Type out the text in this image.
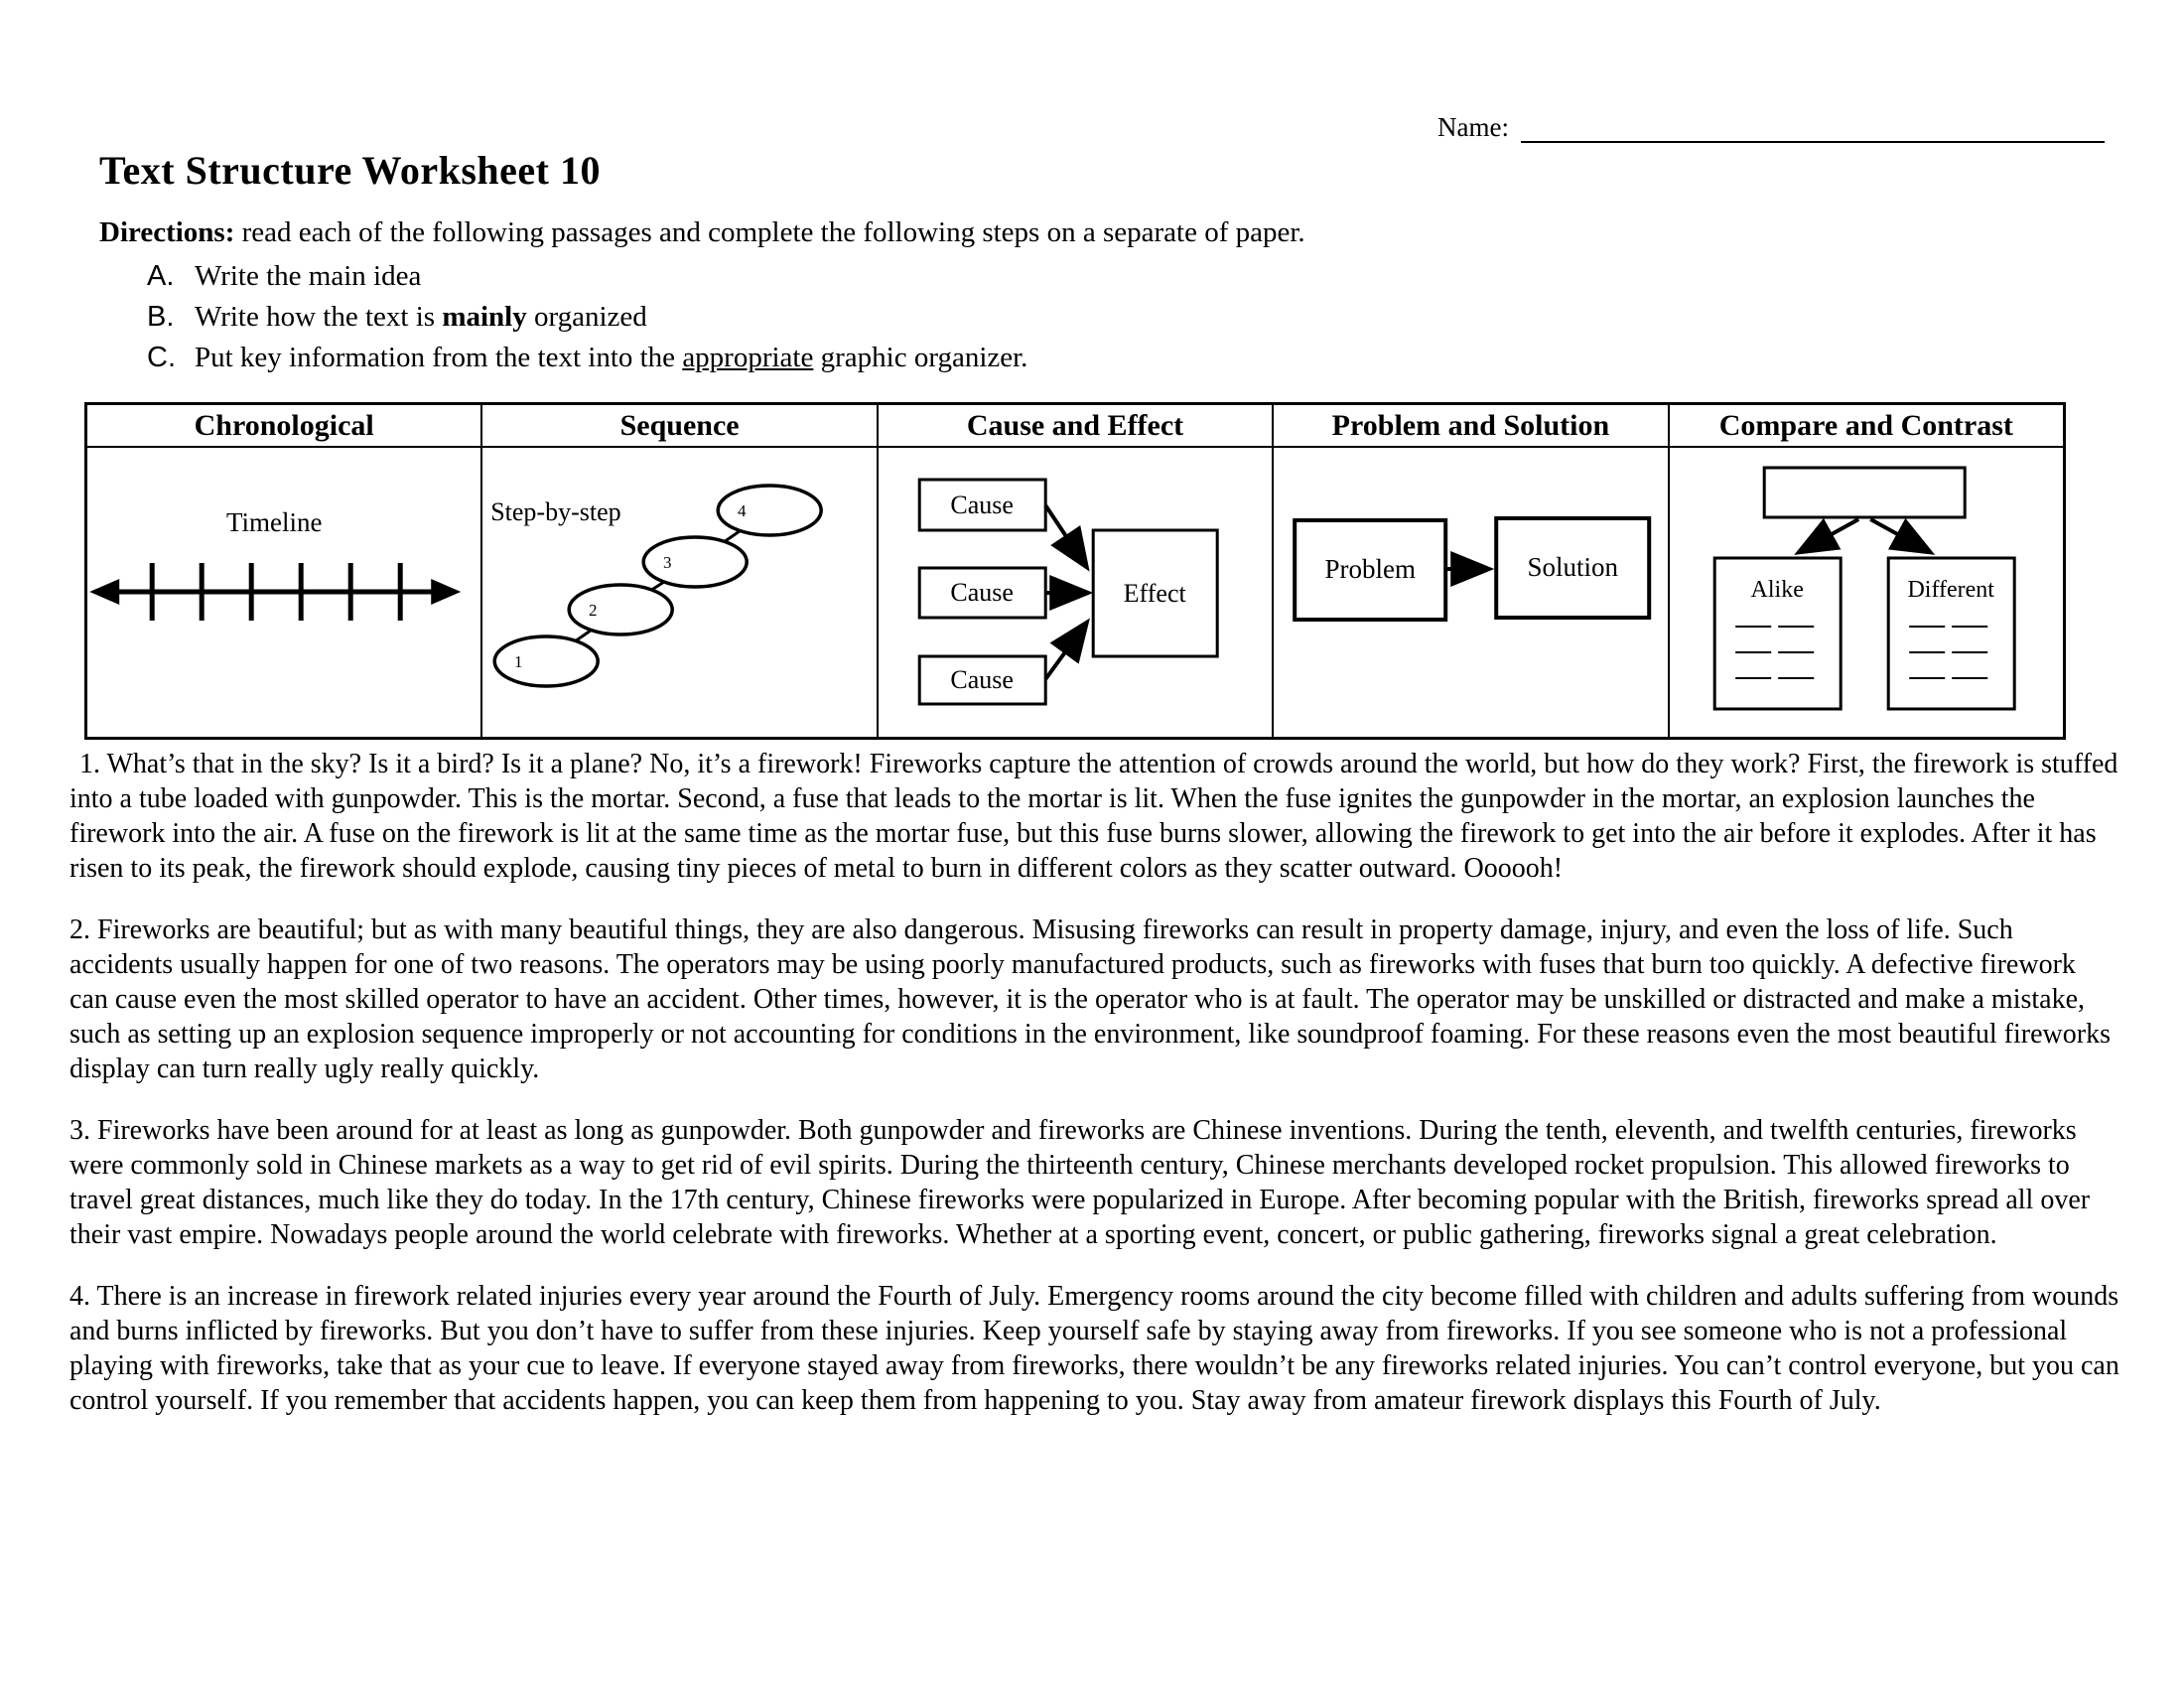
Name:
Text Structure Worksheet 10
Directions: read each of the following passages and complete the following steps on a separate of paper.
A. Write the main idea
B. Write how the text is mainly organized
C. Put key information from the text into the appropriate graphic organizer.
Chronological
Timeline
Sequence
Step-by-step
1
2
3
4
Cause and Effect
Cause
Cause
Cause
Effect
Problem and Solution
Problem	Solution
Compare and Contrast
Alike	Different

1. What’s that in the sky? Is it a bird? Is it a plane? No, it’s a firework! Fireworks capture the attention of crowds around the world, but how do they work? First, the firework is stuffed into a tube loaded with gunpowder. This is the mortar. Second, a fuse that leads to the mortar is lit. When the fuse ignites the gunpowder in the mortar, an explosion launches the firework into the air. A fuse on the firework is lit at the same time as the mortar fuse, but this fuse burns slower, allowing the firework to get into the air before it explodes. After it has risen to its peak, the firework should explode, causing tiny pieces of metal to burn in different colors as they scatter outward. Oooooh!

2. Fireworks are beautiful; but as with many beautiful things, they are also dangerous. Misusing fireworks can result in property damage, injury, and even the loss of life. Such accidents usually happen for one of two reasons. The operators may be using poorly manufactured products, such as fireworks with fuses that burn too quickly. A defective firework can cause even the most skilled operator to have an accident. Other times, however, it is the operator who is at fault. The operator may be unskilled or distracted and make a mistake, such as setting up an explosion sequence improperly or not accounting for conditions in the environment, like soundproof foaming. For these reasons even the most beautiful fireworks display can turn really ugly really quickly.

3. Fireworks have been around for at least as long as gunpowder. Both gunpowder and fireworks are Chinese inventions. During the tenth, eleventh, and twelfth centuries, fireworks were commonly sold in Chinese markets as a way to get rid of evil spirits. During the thirteenth century, Chinese merchants developed rocket propulsion. This allowed fireworks to travel great distances, much like they do today. In the 17th century, Chinese fireworks were popularized in Europe. After becoming popular with the British, fireworks spread all over their vast empire. Nowadays people around the world celebrate with fireworks. Whether at a sporting event, concert, or public gathering, fireworks signal a great celebration.

4. There is an increase in firework related injuries every year around the Fourth of July. Emergency rooms around the city become filled with children and adults suffering from wounds and burns inflicted by fireworks. But you don’t have to suffer from these injuries. Keep yourself safe by staying away from fireworks. If you see someone who is not a professional playing with fireworks, take that as your cue to leave. If everyone stayed away from fireworks, there wouldn’t be any fireworks related injuries. You can’t control everyone, but you can control yourself. If you remember that accidents happen, you can keep them from happening to you. Stay away from amateur firework displays this Fourth of July.
